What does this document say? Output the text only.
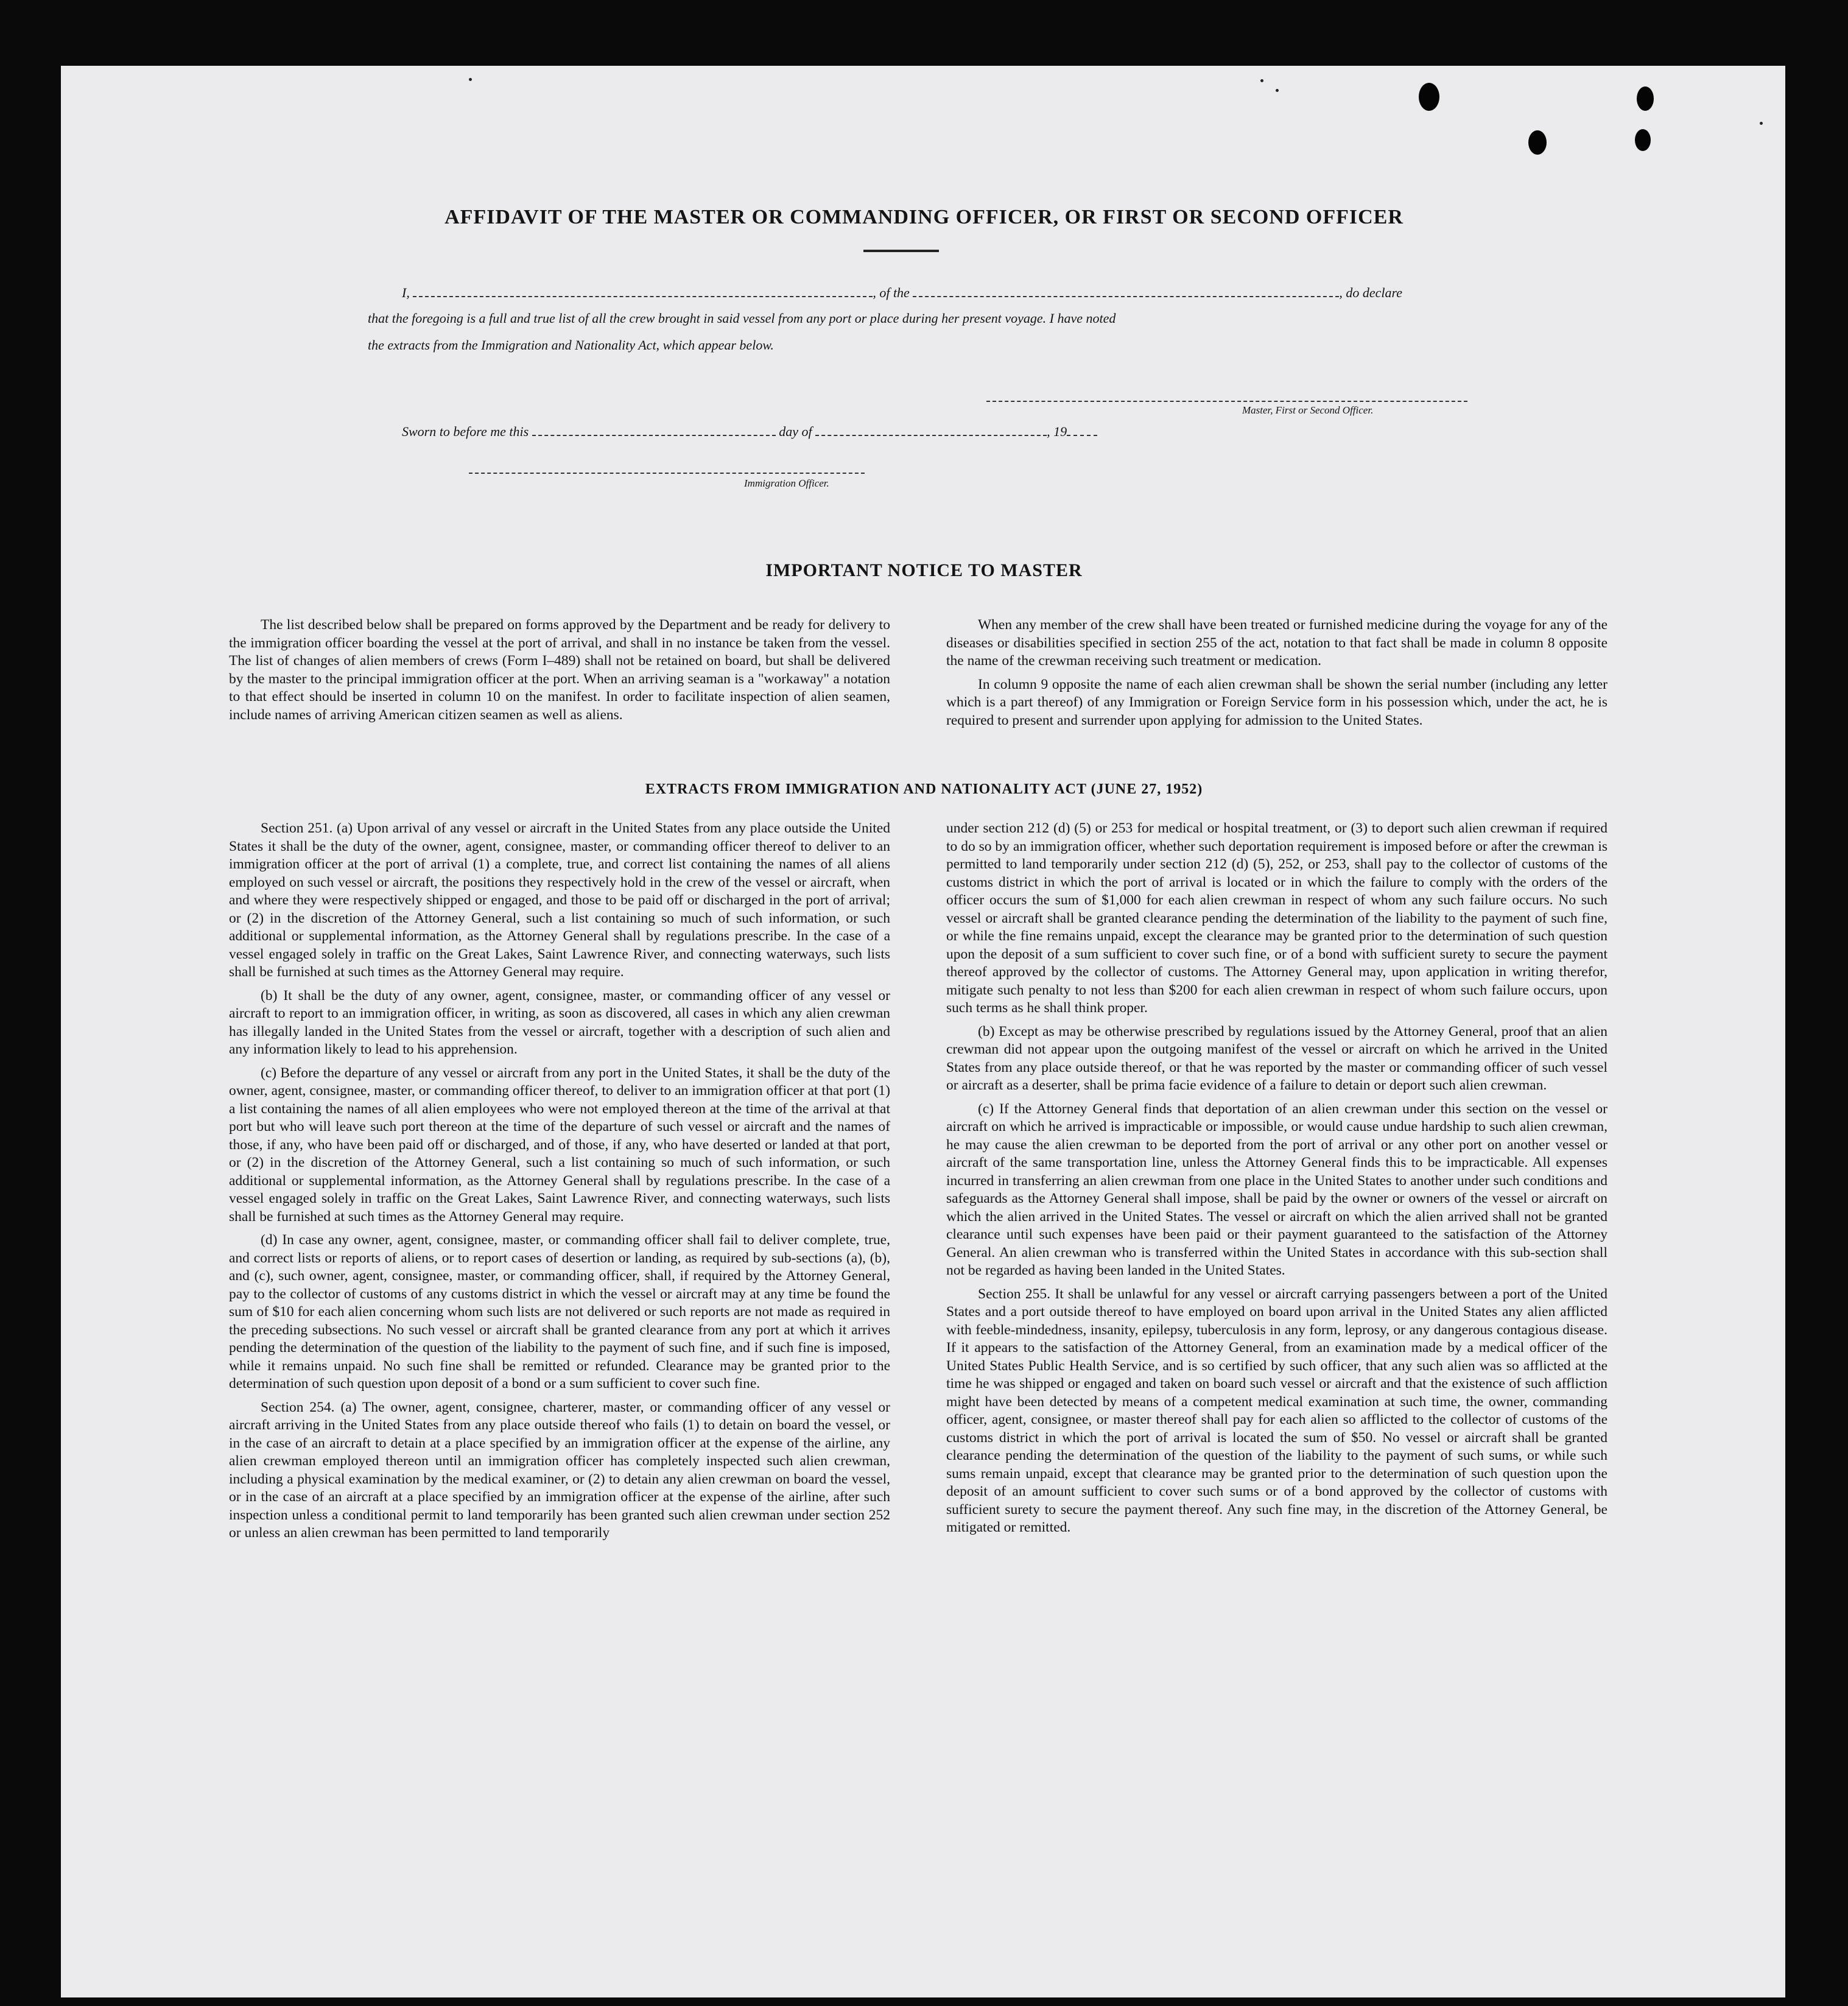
AFFIDAVIT OF THE MASTER OR COMMANDING OFFICER, OR FIRST OR SECOND OFFICER
I,	, of the	, do declare
that the foregoing is a full and true list of all the crew brought in said vessel from any port or place during her present voyage. I have noted
the extracts from the Immigration and Nationality Act, which appear below.
Master, First or Second Officer.
Sworn to before me this	day of	, 19
Immigration Officer.
IMPORTANT NOTICE TO MASTER

The list described below shall be prepared on forms approved by the Department and be ready for delivery to the immigration officer boarding the vessel at the port of arrival, and shall in no instance be taken from the vessel. The list of changes of alien members of crews (Form I–489) shall not be retained on board, but shall be delivered by the master to the principal immigration officer at the port. When an arriving seaman is a "workaway" a notation to that effect should be inserted in column 10 on the manifest. In order to facilitate inspection of alien seamen, include names of arriving American citizen seamen as well as aliens.

When any member of the crew shall have been treated or furnished medicine during the voyage for any of the diseases or disabilities specified in section 255 of the act, notation to that fact shall be made in column 8 opposite the name of the crewman receiving such treatment or medication.

In column 9 opposite the name of each alien crewman shall be shown the serial number (including any letter which is a part thereof) of any Immigration or Foreign Service form in his possession which, under the act, he is required to present and surrender upon applying for admission to the United States.

EXTRACTS FROM IMMIGRATION AND NATIONALITY ACT (JUNE 27, 1952)

Section 251. (a) Upon arrival of any vessel or aircraft in the United States from any place outside the United States it shall be the duty of the owner, agent, consignee, master, or commanding officer thereof to deliver to an immigration officer at the port of arrival (1) a complete, true, and correct list containing the names of all aliens employed on such vessel or aircraft, the positions they respectively hold in the crew of the vessel or aircraft, when and where they were respectively shipped or engaged, and those to be paid off or discharged in the port of arrival; or (2) in the discretion of the Attorney General, such a list containing so much of such information, or such additional or supplemental information, as the Attorney General shall by regulations prescribe. In the case of a vessel engaged solely in traffic on the Great Lakes, Saint Lawrence River, and connecting waterways, such lists shall be furnished at such times as the Attorney General may require.

(b) It shall be the duty of any owner, agent, consignee, master, or commanding officer of any vessel or aircraft to report to an immigration officer, in writing, as soon as discovered, all cases in which any alien crewman has illegally landed in the United States from the vessel or aircraft, together with a description of such alien and any information likely to lead to his apprehension.

(c) Before the departure of any vessel or aircraft from any port in the United States, it shall be the duty of the owner, agent, consignee, master, or commanding officer thereof, to deliver to an immigration officer at that port (1) a list containing the names of all alien employees who were not employed thereon at the time of the arrival at that port but who will leave such port thereon at the time of the departure of such vessel or aircraft and the names of those, if any, who have been paid off or discharged, and of those, if any, who have deserted or landed at that port, or (2) in the discretion of the Attorney General, such a list containing so much of such information, or such additional or supplemental information, as the Attorney General shall by regulations prescribe. In the case of a vessel engaged solely in traffic on the Great Lakes, Saint Lawrence River, and connecting waterways, such lists shall be furnished at such times as the Attorney General may require.

(d) In case any owner, agent, consignee, master, or commanding officer shall fail to deliver complete, true, and correct lists or reports of aliens, or to report cases of desertion or landing, as required by sub-sections (a), (b), and (c), such owner, agent, consignee, master, or commanding officer, shall, if required by the Attorney General, pay to the collector of customs of any customs district in which the vessel or aircraft may at any time be found the sum of $10 for each alien concerning whom such lists are not delivered or such reports are not made as required in the preceding subsections. No such vessel or aircraft shall be granted clearance from any port at which it arrives pending the determination of the question of the liability to the payment of such fine, and if such fine is imposed, while it remains unpaid. No such fine shall be remitted or refunded. Clearance may be granted prior to the determination of such question upon deposit of a bond or a sum sufficient to cover such fine.

Section 254. (a) The owner, agent, consignee, charterer, master, or commanding officer of any vessel or aircraft arriving in the United States from any place outside thereof who fails (1) to detain on board the vessel, or in the case of an aircraft to detain at a place specified by an immigration officer at the expense of the airline, any alien crewman employed thereon until an immigration officer has completely inspected such alien crewman, including a physical examination by the medical examiner, or (2) to detain any alien crewman on board the vessel, or in the case of an aircraft at a place specified by an immigration officer at the expense of the airline, after such inspection unless a conditional permit to land temporarily has been granted such alien crewman under section 252 or unless an alien crewman has been permitted to land temporarily

under section 212 (d) (5) or 253 for medical or hospital treatment, or (3) to deport such alien crewman if required to do so by an immigration officer, whether such deportation requirement is imposed before or after the crewman is permitted to land temporarily under section 212 (d) (5), 252, or 253, shall pay to the collector of customs of the customs district in which the port of arrival is located or in which the failure to comply with the orders of the officer occurs the sum of $1,000 for each alien crewman in respect of whom any such failure occurs. No such vessel or aircraft shall be granted clearance pending the determination of the liability to the payment of such fine, or while the fine remains unpaid, except the clearance may be granted prior to the determination of such question upon the deposit of a sum sufficient to cover such fine, or of a bond with sufficient surety to secure the payment thereof approved by the collector of customs. The Attorney General may, upon application in writing therefor, mitigate such penalty to not less than $200 for each alien crewman in respect of whom such failure occurs, upon such terms as he shall think proper.

(b) Except as may be otherwise prescribed by regulations issued by the Attorney General, proof that an alien crewman did not appear upon the outgoing manifest of the vessel or aircraft on which he arrived in the United States from any place outside thereof, or that he was reported by the master or commanding officer of such vessel or aircraft as a deserter, shall be prima facie evidence of a failure to detain or deport such alien crewman.

(c) If the Attorney General finds that deportation of an alien crewman under this section on the vessel or aircraft on which he arrived is impracticable or impossible, or would cause undue hardship to such alien crewman, he may cause the alien crewman to be deported from the port of arrival or any other port on another vessel or aircraft of the same transportation line, unless the Attorney General finds this to be impracticable. All expenses incurred in transferring an alien crewman from one place in the United States to another under such conditions and safeguards as the Attorney General shall impose, shall be paid by the owner or owners of the vessel or aircraft on which the alien arrived in the United States. The vessel or aircraft on which the alien arrived shall not be granted clearance until such expenses have been paid or their payment guaranteed to the satisfaction of the Attorney General. An alien crewman who is transferred within the United States in accordance with this sub-section shall not be regarded as having been landed in the United States.

Section 255. It shall be unlawful for any vessel or aircraft carrying passengers between a port of the United States and a port outside thereof to have employed on board upon arrival in the United States any alien afflicted with feeble-mindedness, insanity, epilepsy, tuberculosis in any form, leprosy, or any dangerous contagious disease. If it appears to the satisfaction of the Attorney General, from an examination made by a medical officer of the United States Public Health Service, and is so certified by such officer, that any such alien was so afflicted at the time he was shipped or engaged and taken on board such vessel or aircraft and that the existence of such affliction might have been detected by means of a competent medical examination at such time, the owner, commanding officer, agent, consignee, or master thereof shall pay for each alien so afflicted to the collector of customs of the customs district in which the port of arrival is located the sum of $50. No vessel or aircraft shall be granted clearance pending the determination of the question of the liability to the payment of such sums, or while such sums remain unpaid, except that clearance may be granted prior to the determination of such question upon the deposit of an amount sufficient to cover such sums or of a bond approved by the collector of customs with sufficient surety to secure the payment thereof. Any such fine may, in the discretion of the Attorney General, be mitigated or remitted.
